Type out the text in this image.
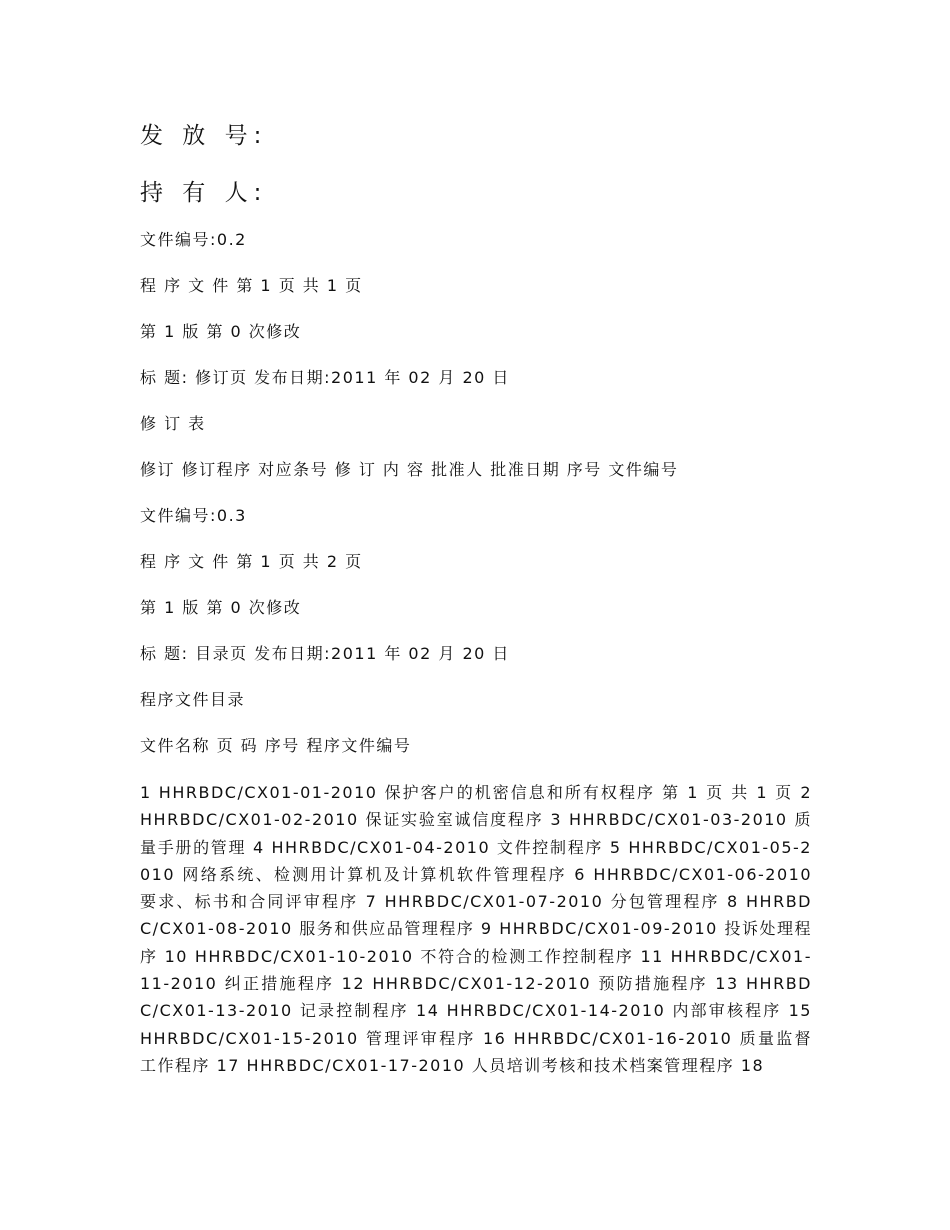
发 放 号:

持 有 人:

文件编号:0.2

程 序 文 件 第 1 页 共 1 页

第 1 版 第 0 次修改

标 题: 修订页 发布日期:2011 年 02 月 20 日

修 订 表

修订 修订程序 对应条号 修 订 内 容 批准人 批准日期 序号 文件编号

文件编号:0.3

程 序 文 件 第 1 页 共 2 页

第 1 版 第 0 次修改

标 题: 目录页 发布日期:2011 年 02 月 20 日

程序文件目录

文件名称 页 码 序号 程序文件编号

1 HHRBDC/CX01-01-2010 保护客户的机密信息和所有权程序 第 1 页 共 1 页 2 HHRBDC/CX01-02-2010 保证实验室诚信度程序 3 HHRBDC/CX01-03-2010 质量手册的管理 4 HHRBDC/CX01-04-2010 文件控制程序 5 HHRBDC/CX01-05-2010 网络系统、检测用计算机及计算机软件管理程序 6 HHRBDC/CX01-06-2010 要求、标书和合同评审程序 7 HHRBDC/CX01-07-2010 分包管理程序 8 HHRBDC/CX01-08-2010 服务和供应品管理程序 9 HHRBDC/CX01-09-2010 投诉处理程序 10 HHRBDC/CX01-10-2010 不符合的检测工作控制程序 11 HHRBDC/CX01-11-2010 纠正措施程序 12 HHRBDC/CX01-12-2010 预防措施程序 13 HHRBDC/CX01-13-2010 记录控制程序 14 HHRBDC/CX01-14-2010 内部审核程序 15 HHRBDC/CX01-15-2010 管理评审程序 16 HHRBDC/CX01-16-2010 质量监督工作程序 17 HHRBDC/CX01-17-2010 人员培训考核和技术档案管理程序 18
